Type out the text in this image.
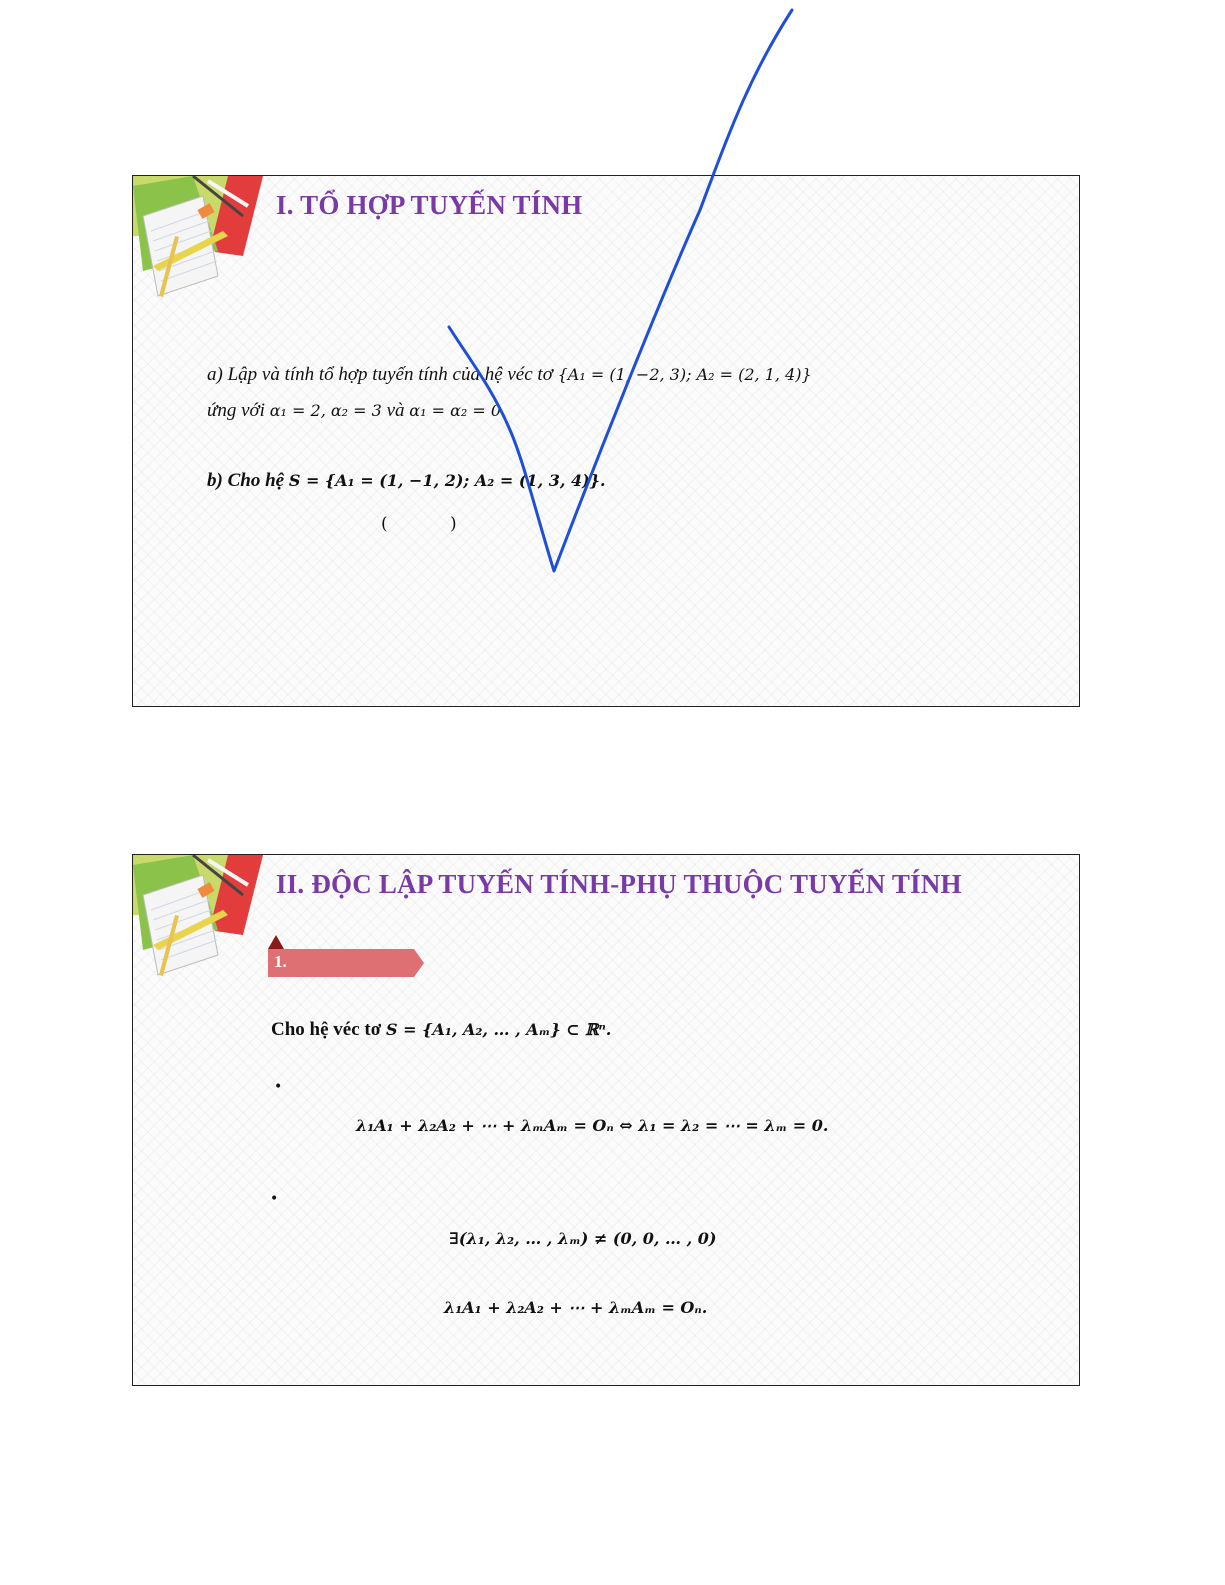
I. TỔ HỢP TUYẾN TÍNH
a) Lập và tính tổ hợp tuyến tính của hệ véc tơ {A₁ = (1, −2, 3); A₂ = (2, 1, 4)}
ứng với α₁ = 2, α₂ = 3 và α₁ = α₂ = 0.
b) Cho hệ S = {A₁ = (1, −1, 2); A₂ = (1, 3, 4)}.
(	)
II. ĐỘC LẬP TUYẾN TÍNH-PHỤ THUỘC TUYẾN TÍNH
1.
Cho hệ véc tơ S = {A₁, A₂, … , Aₘ} ⊂ ℝⁿ.
•
λ₁A₁ + λ₂A₂ + ⋯ + λₘAₘ = Oₙ ⇔ λ₁ = λ₂ = ⋯ = λₘ = 0.
•
∃(λ₁, λ₂, … , λₘ) ≠ (0, 0, … , 0)
λ₁A₁ + λ₂A₂ + ⋯ + λₘAₘ = Oₙ.
